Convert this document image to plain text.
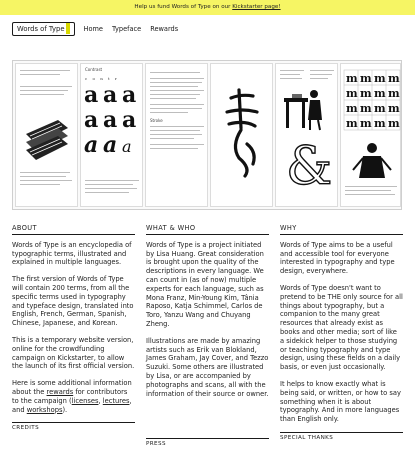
Help us fund Words of Type on our Kickstarter page!
Words of Type	Home Typeface Rewards
Contrast
c o n t r
a a a
a a a
a a a
Stroke
&
m m m m
m m m m
m m m m
m m m m
ABOUT

Words of Type is an encyclopedia of typographic terms, illustrated and explained in multiple languages.

The first version of Words of Type will contain 200 terms, from all the specific terms used in typography and typeface design, translated into English, French, German, Spanish, Chinese, Japanese, and Korean.

This is a temporary website version, online for the crowdfunding campaign on Kickstarter, to allow the launch of its first official version.

Here is some additional information about the rewards for contributors to the campaign (licenses, lectures, and workshops).

CREDITS
WHAT & WHO

Words of Type is a project initiated by Lisa Huang. Great consideration is brought upon the quality of the descriptions in every language. We can count in (as of now) multiple experts for each language, such as Mona Franz, Min-Young Kim, Tânia Raposo, Katja Schimmel, Carlos de Toro, Yanzu Wang and Chuyang Zheng.

Illustrations are made by amazing artists such as Erik van Blokland, James Graham, Jay Cover, and Tezzo Suzuki. Some others are illustrated by Lisa, or are accompanied by photographs and scans, all with the information of their source or owner.

PRESS
WHY

Words of Type aims to be a useful and accessible tool for everyone interested in typography and type design, everywhere.

Words of Type doesn't want to pretend to be THE only source for all things about typography, but a companion to the many great resources that already exist as books and other media; sort of like a sidekick helper to those studying or teaching typography and type design, using these fields on a daily basis, or even just occasionally.

It helps to know exactly what is being said, or written, or how to say something when it is about typography. And in more languages than English only.

SPECIAL THANKS
